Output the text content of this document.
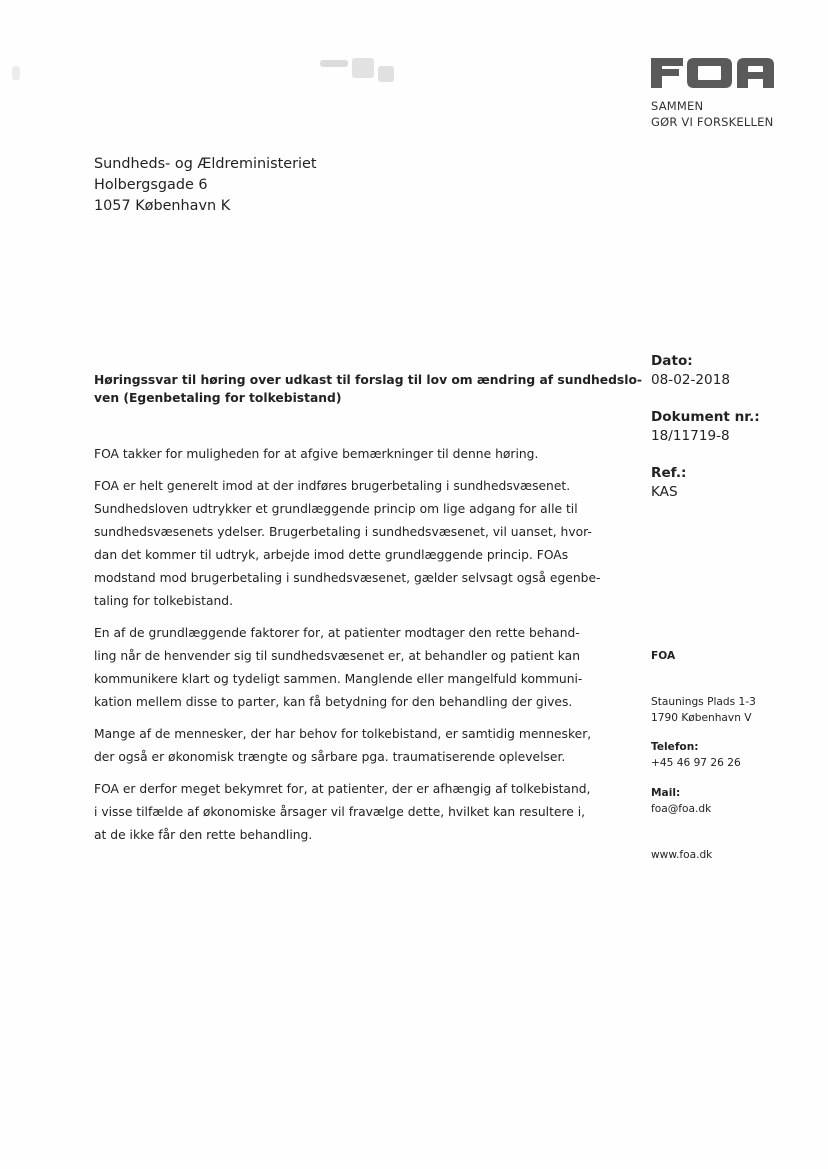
SAMMEN
GØR VI FORSKELLEN
Sundheds- og Ældreministeriet
Holbergsgade 6
1057 København K
Dato:
08-02-2018
Dokument nr.:
18/11719-8
Ref.:
KAS
FOA
Staunings Plads 1-3
1790 København V
Telefon:
+45 46 97 26 26
Mail:
foa@foa.dk
www.foa.dk
Høringssvar til høring over udkast til forslag til lov om ændring af sundhedslo-
ven (Egenbetaling for tolkebistand)
FOA takker for muligheden for at afgive bemærkninger til denne høring.
FOA er helt generelt imod at der indføres brugerbetaling i sundhedsvæsenet.
Sundhedsloven udtrykker et grundlæggende princip om lige adgang for alle til
sundhedsvæsenets ydelser. Brugerbetaling i sundhedsvæsenet, vil uanset, hvor-
dan det kommer til udtryk, arbejde imod dette grundlæggende princip. FOAs
modstand mod brugerbetaling i sundhedsvæsenet, gælder selvsagt også egenbe-
taling for tolkebistand.
En af de grundlæggende faktorer for, at patienter modtager den rette behand-
ling når de henvender sig til sundhedsvæsenet er, at behandler og patient kan
kommunikere klart og tydeligt sammen. Manglende eller mangelfuld kommuni-
kation mellem disse to parter, kan få betydning for den behandling der gives.
Mange af de mennesker, der har behov for tolkebistand, er samtidig mennesker,
der også er økonomisk trængte og sårbare pga. traumatiserende oplevelser.
FOA er derfor meget bekymret for, at patienter, der er afhængig af tolkebistand,
i visse tilfælde af økonomiske årsager vil fravælge dette, hvilket kan resultere i,
at de ikke får den rette behandling.
